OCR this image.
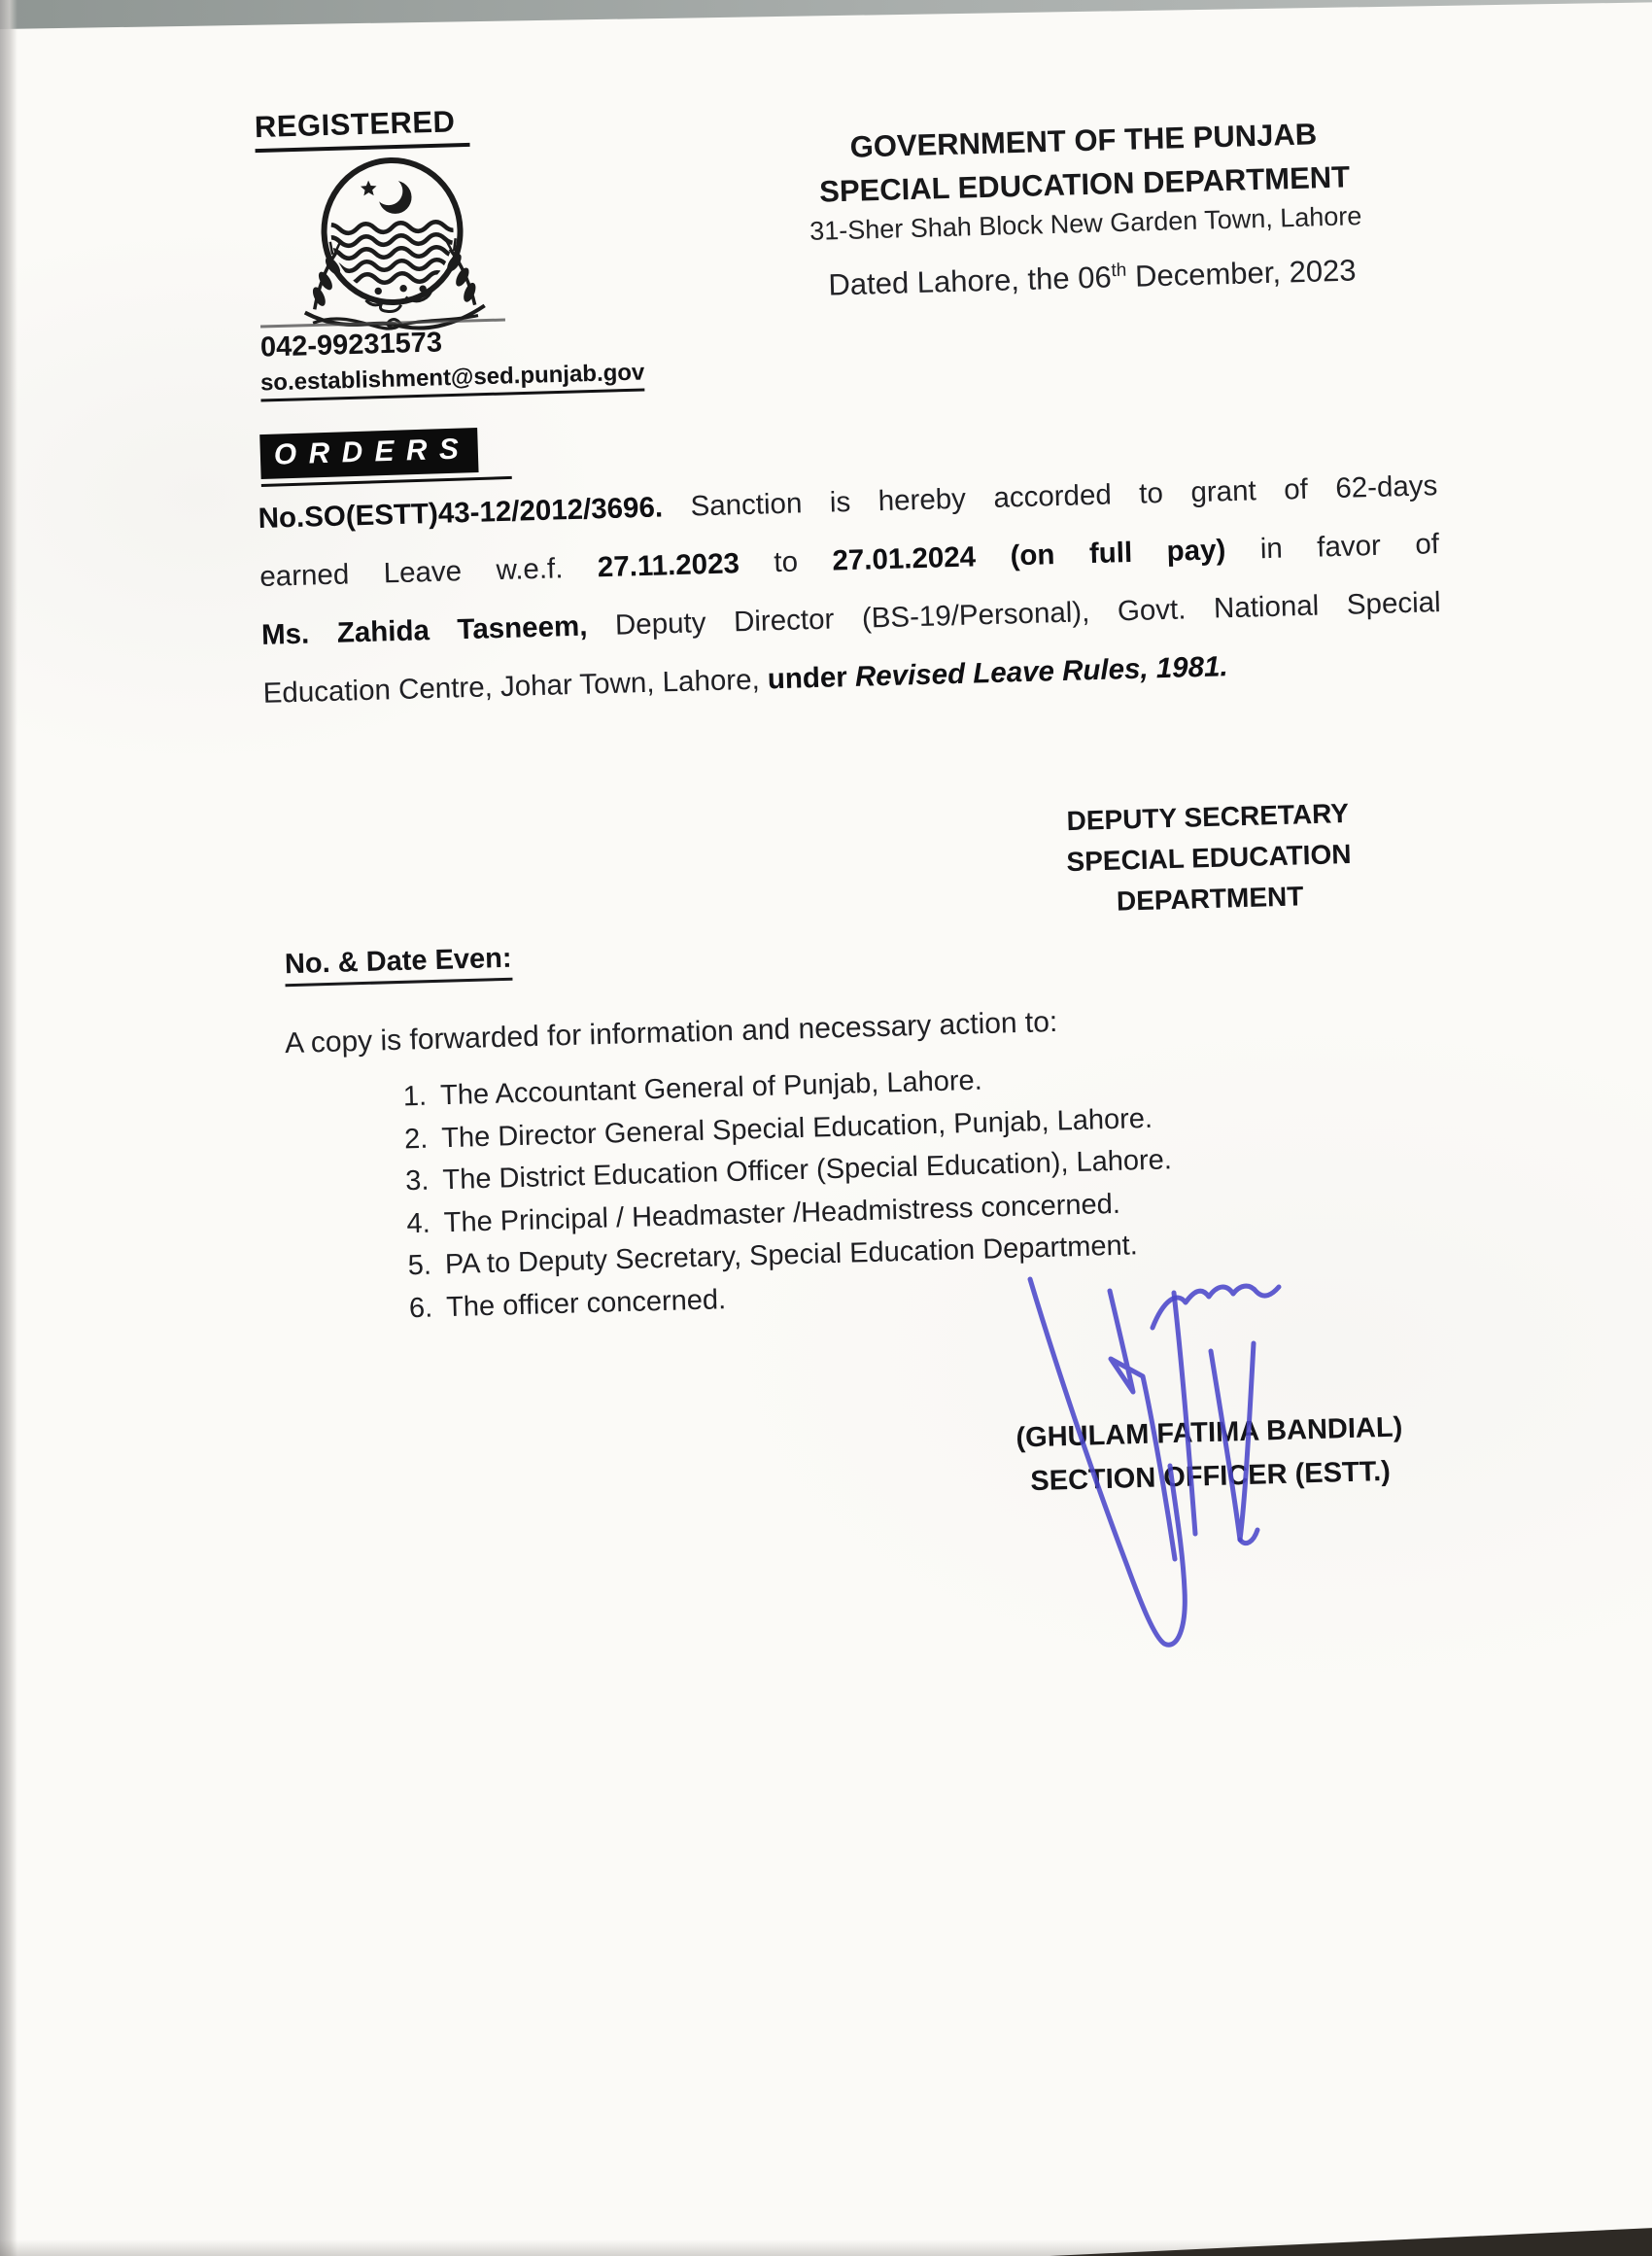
REGISTERED
042-99231573
so.establishment@sed.punjab.gov
GOVERNMENT OF THE PUNJAB
SPECIAL EDUCATION DEPARTMENT
31-Sher Shah Block New Garden Town, Lahore
Dated Lahore, the 06th December, 2023
O R D E R S
No.SO(ESTT)43-12/2012/3696. Sanction is hereby accorded to grant of 62-days
earned Leave w.e.f. 27.11.2023 to 27.01.2024 (on full pay) in favor of
Ms. Zahida Tasneem, Deputy Director (BS-19/Personal), Govt. National Special
Education Centre, Johar Town, Lahore, under Revised Leave Rules, 1981.
DEPUTY SECRETARY
SPECIAL EDUCATION
DEPARTMENT
No. & Date Even:
A copy is forwarded for information and necessary action to:
1. The Accountant General of Punjab, Lahore.
2. The Director General Special Education, Punjab, Lahore.
3. The District Education Officer (Special Education), Lahore.
4. The Principal / Headmaster /Headmistress concerned.
5. PA to Deputy Secretary, Special Education Department.
6. The officer concerned.
(GHULAM FATIMA BANDIAL)
SECTION OFFICER (ESTT.)
